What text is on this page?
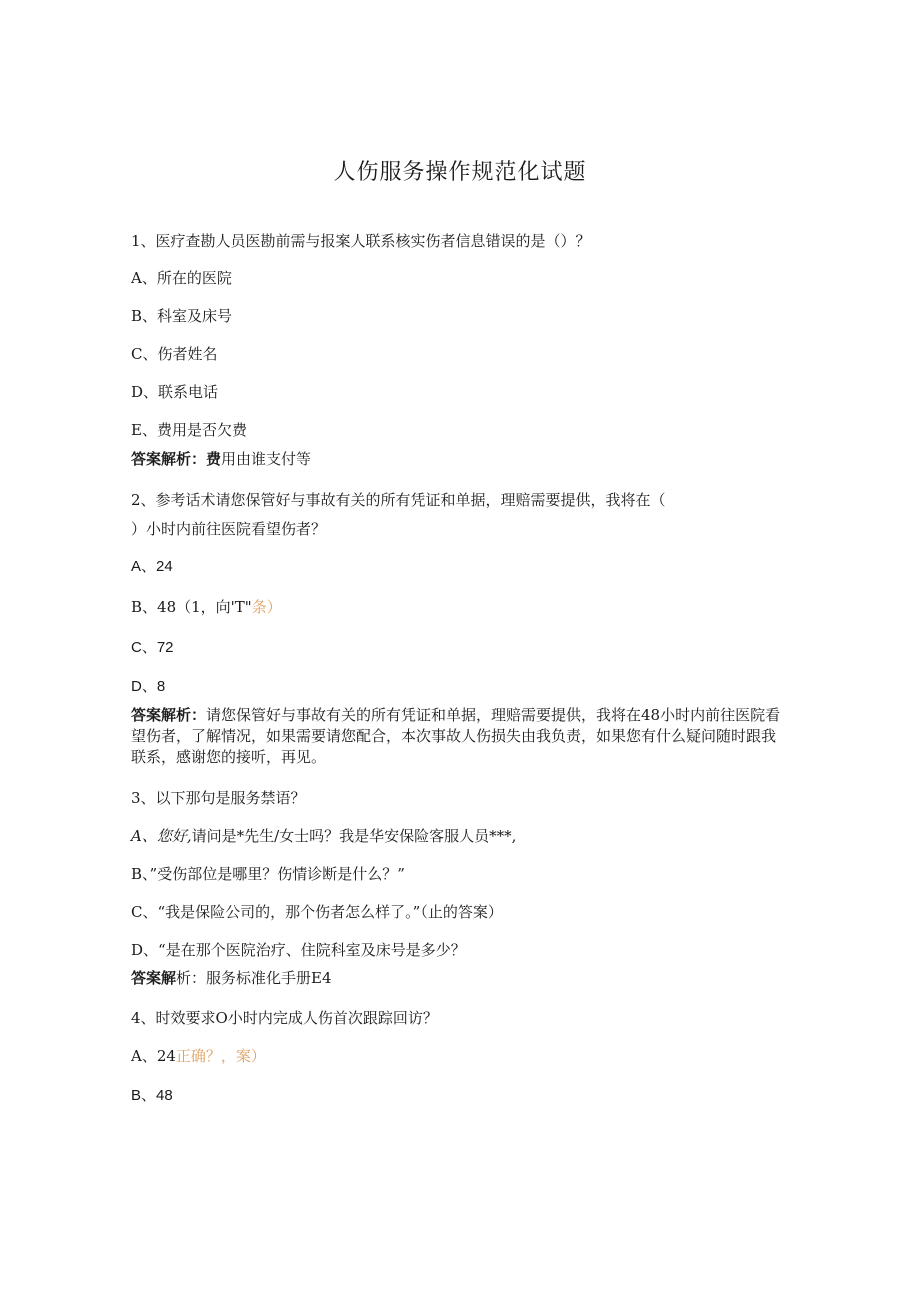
人伤服务操作规范化试题
1、医疗查勘人员医勘前需与报案人联系核实伤者信息错误的是（）？
A、所在的医院
B、科室及床号
C、伤者姓名
D、联系电话
E、费用是否欠费
答案解析：费用由谁支付等
2、参考话术请您保管好与事故有关的所有凭证和单据，理赔需要提供，我将在（
）小时内前往医院看望伤者？
A、24
B、48（1，向'T"条）
C、72
D、8
答案解析：请您保管好与事故有关的所有凭证和单据，理赔需要提供，我将在48小时内前往医院看望伤者，了解情况，如果需要请您配合，本次事故人伤损失由我负责，如果您有什么疑问随时跟我联系，感谢您的接听，再见。
3、以下那句是服务禁语？
A、您好,请问是*先生/女士吗？我是华安保险客服人员***,
B、”受伤部位是哪里？伤情诊断是什么？”
C、“我是保险公司的，那个伤者怎么样了。”（止的答案）
D、“是在那个医院治疗、住院科室及床号是多少？
答案解析：服务标准化手册E4
4、时效要求O小时内完成人伤首次跟踪回访？
A、24正确？，案）
B、48
